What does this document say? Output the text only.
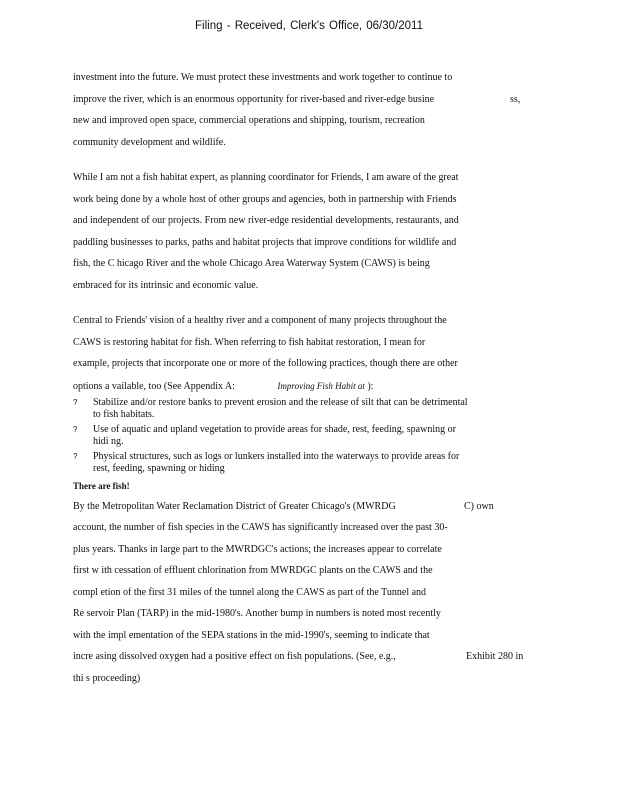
Filing - Received, Clerk's Office, 06/30/2011
investment into the future. We must protect these investments and work together to continue to
improve the river, which is an enormous opportunity for river-based and river-edge busine	ss,
new and improved open space, commercial operations and shipping, tourism, recreation
community development and wildlife.
While I am not a fish habitat expert, as planning coordinator for Friends, I am aware of the great
work being done by a whole host of other groups and agencies, both in partnership with Friends
and independent of our projects. From new river-edge residential developments, restaurants, and
paddling businesses to parks, paths and habitat projects that improve conditions for wildlife and
fish, the C hicago River and the whole Chicago Area Waterway System (CAWS) is being
embraced for its intrinsic and economic value.
Central to Friends' vision of a healthy river and a component of many projects throughout the
CAWS is restoring habitat for fish. When referring to fish habitat restoration, I mean for
example, projects that incorporate one or more of the following practices, though there are other
options a vailable, too (See Appendix A:	Improving Fish Habit at ):
? Stabilize and/or restore banks to prevent erosion and the release of silt that can be detrimental to fish habitats.
? Use of aquatic and upland vegetation to provide areas for shade, rest, feeding, spawning or hidi ng.
? Physical structures, such as logs or lunkers installed into the waterways to provide areas for rest, feeding, spawning or hiding
There are fish!
By the Metropolitan Water Reclamation District of Greater Chicago's (MWRDG	C) own
account, the number of fish species in the CAWS has significantly increased over the past 30-
plus years. Thanks in large part to the MWRDGC's actions; the increases appear to correlate
first w ith cessation of effluent chlorination from MWRDGC plants on the CAWS and the
compl etion of the first 31 miles of the tunnel along the CAWS as part of the Tunnel and
Re servoir Plan (TARP) in the mid-1980's. Another bump in numbers is noted most recently
with the impl ementation of the SEPA stations in the mid-1990's, seeming to indicate that
incre asing dissolved oxygen had a positive effect on fish populations. (See, e.g.,	Exhibit 280 in
thi s proceeding)
